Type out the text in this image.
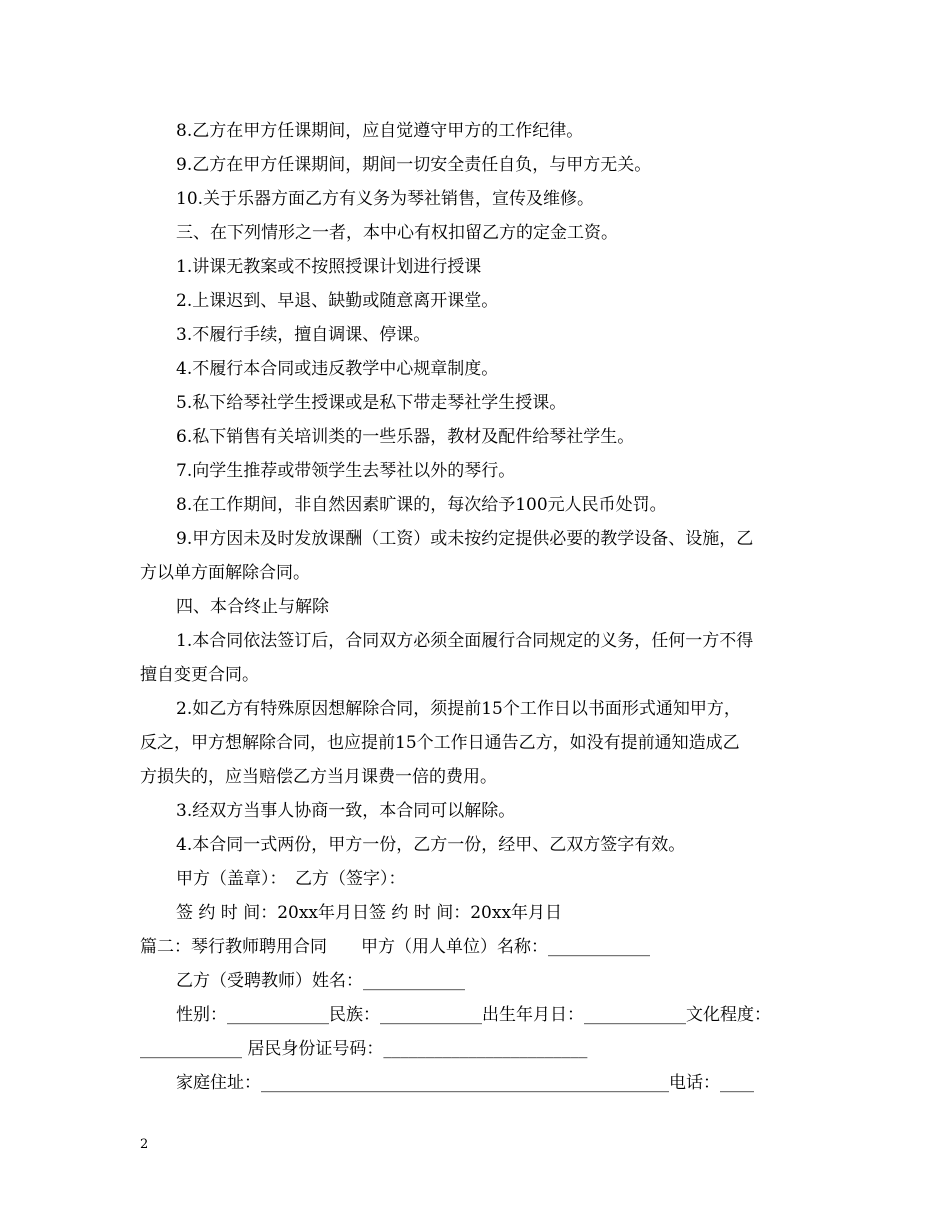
8.乙方在甲方任课期间，应自觉遵守甲方的工作纪律。
9.乙方在甲方任课期间，期间一切安全责任自负，与甲方无关。
10.关于乐器方面乙方有义务为琴社销售，宣传及维修。
三、在下列情形之一者，本中心有权扣留乙方的定金工资。
1.讲课无教案或不按照授课计划进行授课
2.上课迟到、早退、缺勤或随意离开课堂。
3.不履行手续，擅自调课、停课。
4.不履行本合同或违反教学中心规章制度。
5.私下给琴社学生授课或是私下带走琴社学生授课。
6.私下销售有关培训类的一些乐器，教材及配件给琴社学生。
7.向学生推荐或带领学生去琴社以外的琴行。
8.在工作期间，非自然因素旷课的，每次给予100元人民币处罚。
9.甲方因未及时发放课酬（工资）或未按约定提供必要的教学设备、设施，乙
方以单方面解除合同。
四、本合终止与解除
1.本合同依法签订后，合同双方必须全面履行合同规定的义务，任何一方不得
擅自变更合同。
2.如乙方有特殊原因想解除合同，须提前15个工作日以书面形式通知甲方，
反之，甲方想解除合同，也应提前15个工作日通告乙方，如没有提前通知造成乙
方损失的，应当赔偿乙方当月课费一倍的费用。
3.经双方当事人协商一致，本合同可以解除。
4.本合同一式两份，甲方一份，乙方一份，经甲、乙双方签字有效。
甲方（盖章）：　乙方（签字）：
签 约 时 间：20xx年月日签 约 时 间：20xx年月日
篇二：琴行教师聘用合同　　甲方（用人单位）名称：____________
乙方（受聘教师）姓名：____________
性别：____________民族：____________出生年月日：____________文化程度：
____________ 居民身份证号码：________________________
家庭住址：________________________________________________电话：____
2
